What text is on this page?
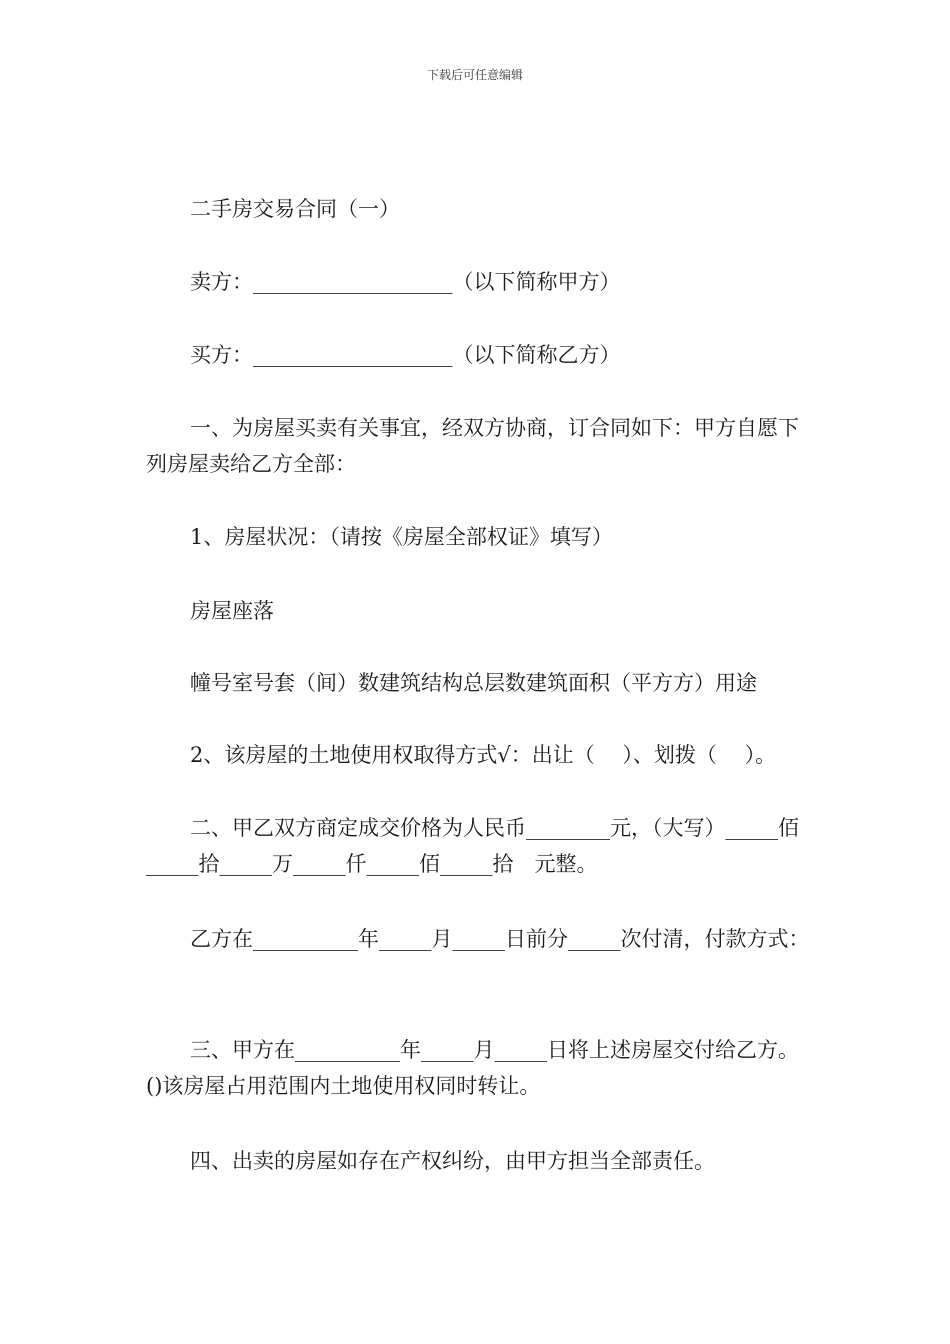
下载后可任意编辑

二手房交易合同（一）

卖方：___________________（以下简称甲方）

买方：___________________（以下简称乙方）

一、为房屋买卖有关事宜，经双方协商，订合同如下：甲方自愿下列房屋卖给乙方全部：

1、房屋状况：（请按《房屋全部权证》填写）

房屋座落

幢号室号套（间）数建筑结构总层数建筑面积（平方方）用途

2、该房屋的土地使用权取得方式√：出让（　 ）、划拨（　 ）。

二、甲乙双方商定成交价格为人民币________元，（大写）_____佰_____拾_____万_____仟_____佰_____拾　元整。

乙方在__________年_____月_____日前分_____次付清，付款方式：

三、甲方在__________年_____月_____日将上述房屋交付给乙方。()该房屋占用范围内土地使用权同时转让。

四、出卖的房屋如存在产权纠纷，由甲方担当全部责任。
